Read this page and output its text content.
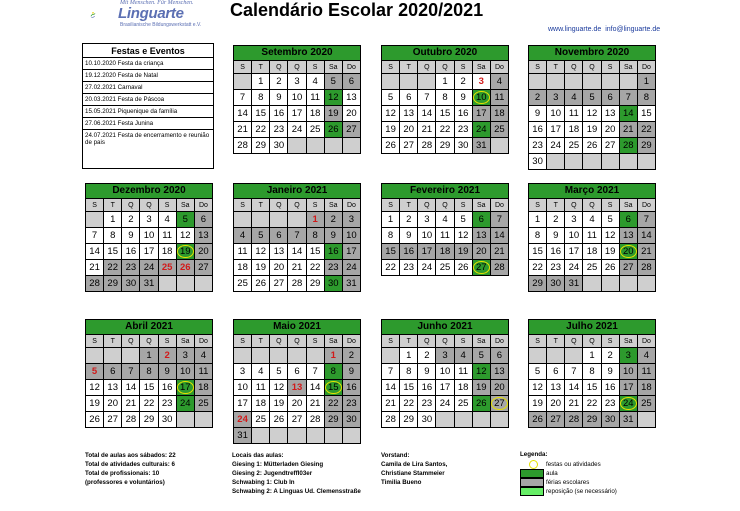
Mit Menschen. Für Menschen.
Linguarte
Brasilianische Bildungswerkstatt e.V.
Calendário Escolar 2020/2021
www.linguarte.de info@linguarte.de
Festas e Eventos
10.10.2020 Festa da criança
19.12.2020 Festa de Natal
27.02.2021 Carnaval
20.03.2021 Festa de Páscoa
15.05.2021 Piquenique da família
27.06.2021 Festa Junina
24.07.2021 Festa de encerramento e reunião de pais
Setembro 2020
S	T	Q	Q	S	Sa	Do
	1	2	3	4	5	6
7	8	9	10	11	12	13
14	15	16	17	18	19	20
21	22	23	24	25	26	27
28	29	30				
Outubro 2020
S	T	Q	Q	S	Sa	Do
			1	2	3	4
5	6	7	8	9	10	11
12	13	14	15	16	17	18
19	20	21	22	23	24	25
26	27	28	29	30	31	
Novembro 2020
S	T	Q	Q	S	Sa	Do
						1
2	3	4	5	6	7	8
9	10	11	12	13	14	15
16	17	18	19	20	21	22
23	24	25	26	27	28	29
30						
Dezembro 2020
S	T	Q	Q	S	Sa	Do
	1	2	3	4	5	6
7	8	9	10	11	12	13
14	15	16	17	18	19	20
21	22	23	24	25	26	27
28	29	30	31			
Janeiro 2021
S	T	Q	Q	S	Sa	Do
				1	2	3
4	5	6	7	8	9	10
11	12	13	14	15	16	17
18	19	20	21	22	23	24
25	26	27	28	29	30	31
Fevereiro 2021
S	T	Q	Q	S	Sa	Do
1	2	3	4	5	6	7
8	9	10	11	12	13	14
15	16	17	18	19	20	21
22	23	24	25	26	27	28
Março 2021
S	T	Q	Q	S	Sa	Do
1	2	3	4	5	6	7
8	9	10	11	12	13	14
15	16	17	18	19	20	21
22	23	24	25	26	27	28
29	30	31				
Abril 2021
S	T	Q	Q	S	Sa	Do
			1	2	3	4
5	6	7	8	9	10	11
12	13	14	15	16	17	18
19	20	21	22	23	24	25
26	27	28	29	30		
Maio 2021
S	T	Q	Q	S	Sa	Do
					1	2
3	4	5	6	7	8	9
10	11	12	13	14	15	16
17	18	19	20	21	22	23
24	25	26	27	28	29	30
31						
Junho 2021
S	T	Q	Q	S	Sa	Do
	1	2	3	4	5	6
7	8	9	10	11	12	13
14	15	16	17	18	19	20
21	22	23	24	25	26	27
28	29	30				
Julho 2021
S	T	Q	Q	S	Sa	Do
			1	2	3	4
5	6	7	8	9	10	11
12	13	14	15	16	17	18
19	20	21	22	23	24	25
26	27	28	29	30	31	
Total de aulas aos sábados: 22
Total de atividades culturais: 6
Total de profissionais: 10
(professores e voluntários)
Locais das aulas:
Giesing 1: Mütterladen Giesing
Giesing 2: JugendtreffI03er
Schwabing 1: Club In
Schwabing 2: A Linguas Ud. Clemensstraße
Vorstand:
Camila de Lira Santos,
Christiane Stammeier
Timilia Bueno
Legenda:
festas ou atividades
aula
férias escolares
reposição (se necessário)
